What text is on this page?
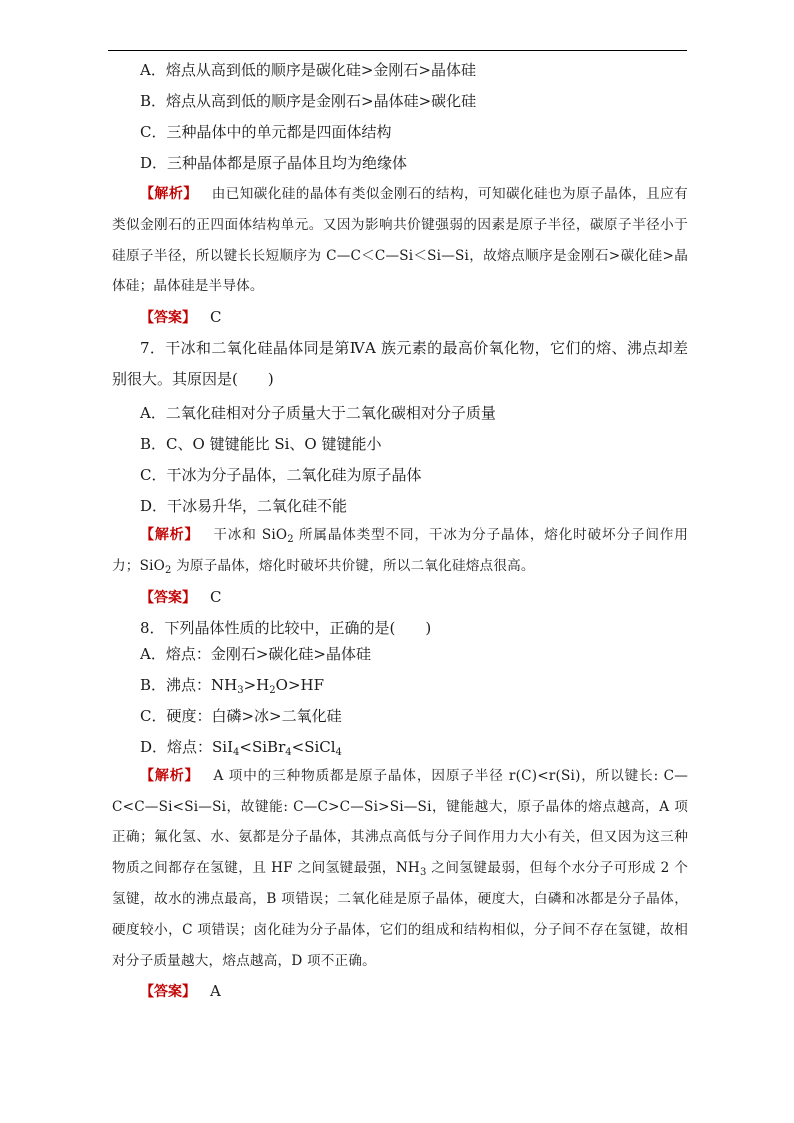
A．熔点从高到低的顺序是碳化硅>金刚石>晶体硅
B．熔点从高到低的顺序是金刚石>晶体硅>碳化硅
C．三种晶体中的单元都是四面体结构
D．三种晶体都是原子晶体且均为绝缘体

【解析】 由已知碳化硅的晶体有类似金刚石的结构，可知碳化硅也为原子晶体，且应有类似金刚石的正四面体结构单元。又因为影响共价键强弱的因素是原子半径，碳原子半径小于硅原子半径，所以键长长短顺序为 C—C＜C—Si＜Si—Si，故熔点顺序是金刚石>碳化硅>晶体硅；晶体硅是半导体。

【答案】 C

7．干冰和二氧化硅晶体同是第ⅣA 族元素的最高价氧化物，它们的熔、沸点却差别很大。其原因是(　　)

A．二氧化硅相对分子质量大于二氧化碳相对分子质量
B．C、O 键键能比 Si、O 键键能小
C．干冰为分子晶体，二氧化硅为原子晶体
D．干冰易升华，二氧化硅不能

【解析】 干冰和 SiO$_2$ 所属晶体类型不同，干冰为分子晶体，熔化时破坏分子间作用力；SiO$_2$ 为原子晶体，熔化时破坏共价键，所以二氧化硅熔点很高。

【答案】 C

8．下列晶体性质的比较中，正确的是(　　)

A．熔点：金刚石>碳化硅>晶体硅
B．沸点：$NH_3>H_2O>HF$
C．硬度：白磷>冰>二氧化硅
D．熔点：SiI$_4$<SiBr$_4$<SiCl$_4$

【解析】 A 项中的三种物质都是原子晶体，因原子半径 r(C)<r(Si)，所以键长: C—C<C—Si<Si—Si，故键能: C—C>C—Si>Si—Si，键能越大，原子晶体的熔点越高，A 项正确；氟化氢、水、氨都是分子晶体，其沸点高低与分子间作用力大小有关，但又因为这三种物质之间都存在氢键，且 HF 之间氢键最强，$NH_3$ 之间氢键最弱，但每个水分子可形成 2 个氢键，故水的沸点最高，B 项错误；二氧化硅是原子晶体，硬度大，白磷和冰都是分子晶体，硬度较小，C 项错误；卤化硅为分子晶体，它们的组成和结构相似，分子间不存在氢键，故相对分子质量越大，熔点越高，D 项不正确。

【答案】 A
